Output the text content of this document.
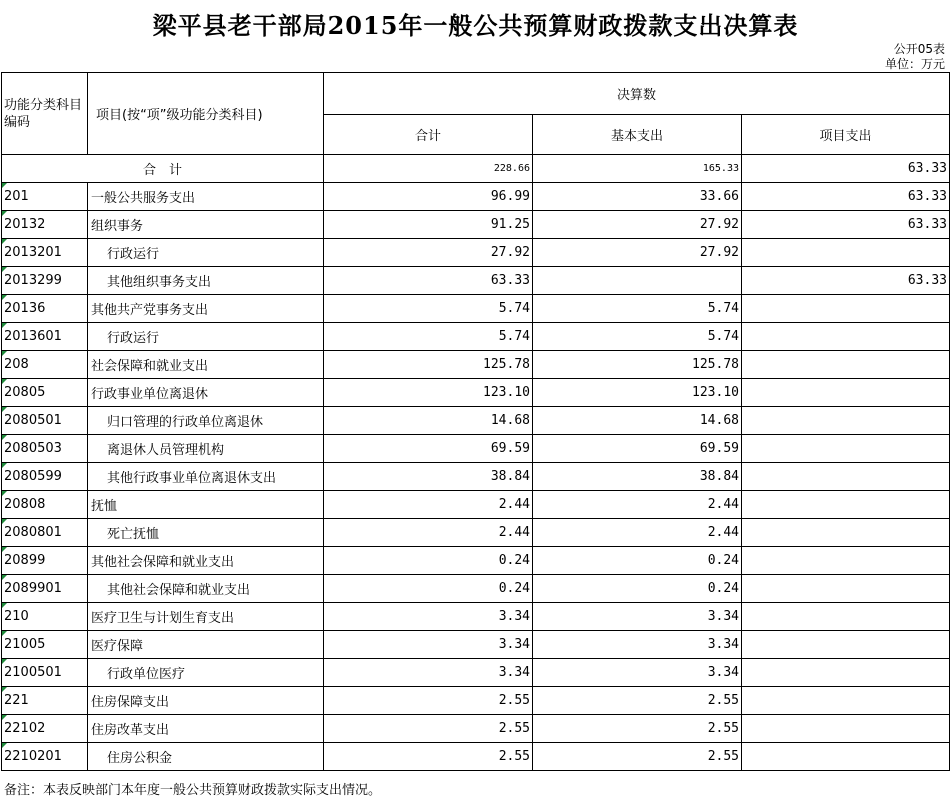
梁平县老干部局2015年一般公共预算财政拨款支出决算表
公开05表
单位：万元
功能分类科目编码	项目(按“项”级功能分类科目)	决算数		
		合计	基本支出	项目支出
合　计		228.66	165.33	63.33
201	一般公共服务支出	96.99	33.66	63.33
20132	组织事务	91.25	27.92	63.33
2013201	行政运行	27.92	27.92	
2013299	其他组织事务支出	63.33		63.33
20136	其他共产党事务支出	5.74	5.74	
2013601	行政运行	5.74	5.74	
208	社会保障和就业支出	125.78	125.78	
20805	行政事业单位离退休	123.10	123.10	
2080501	归口管理的行政单位离退休	14.68	14.68	
2080503	离退休人员管理机构	69.59	69.59	
2080599	其他行政事业单位离退休支出	38.84	38.84	
20808	抚恤	2.44	2.44	
2080801	死亡抚恤	2.44	2.44	
20899	其他社会保障和就业支出	0.24	0.24	
2089901	其他社会保障和就业支出	0.24	0.24	
210	医疗卫生与计划生育支出	3.34	3.34	
21005	医疗保障	3.34	3.34	
2100501	行政单位医疗	3.34	3.34	
221	住房保障支出	2.55	2.55	
22102	住房改革支出	2.55	2.55	
2210201	住房公积金	2.55	2.55	
备注：本表反映部门本年度一般公共预算财政拨款实际支出情况。
